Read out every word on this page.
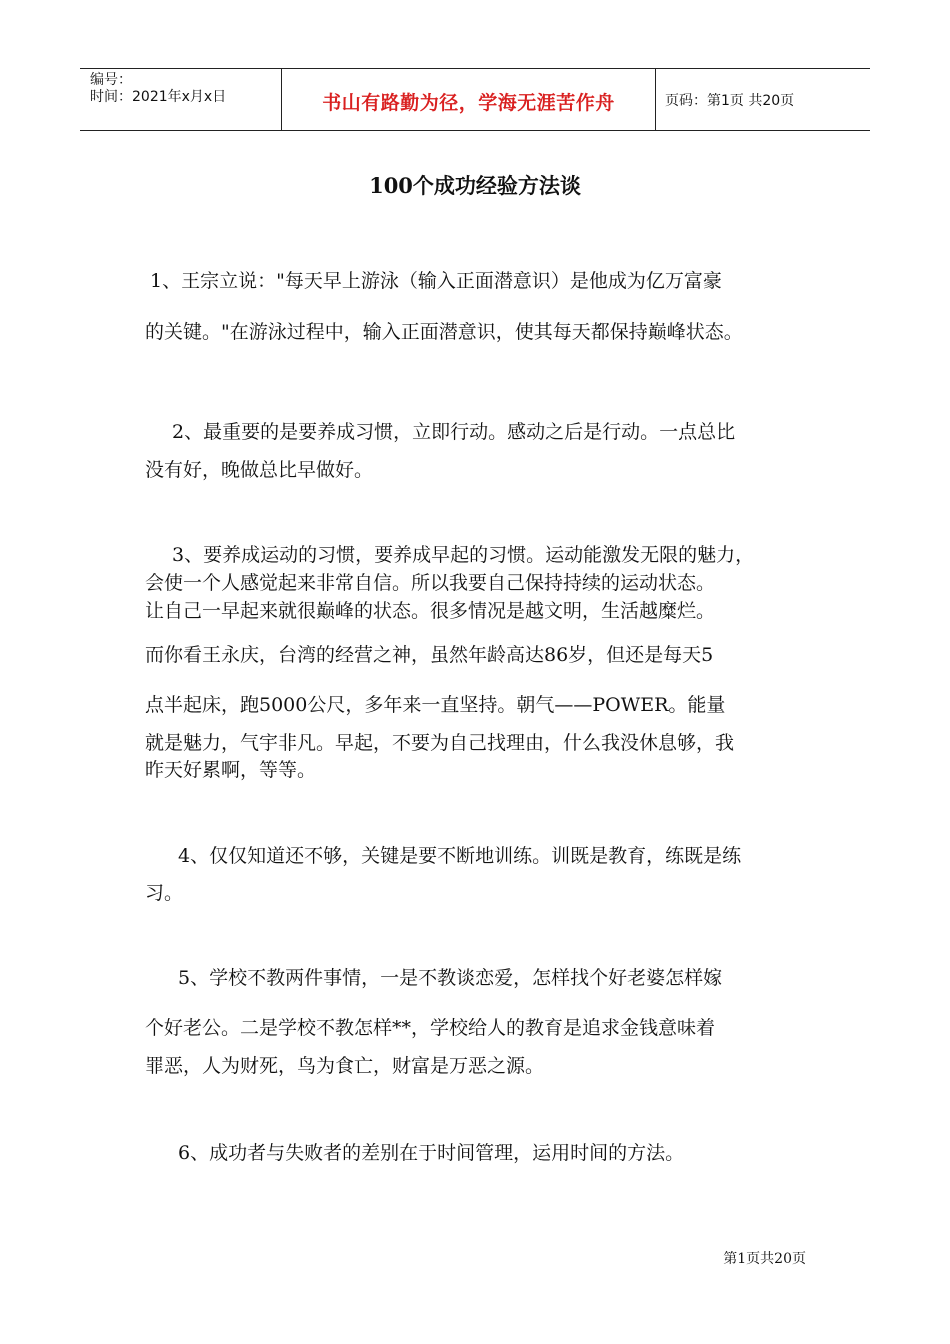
编号：
时间：2021年x月x日	书山有路勤为径，学海无涯苦作舟	页码：第1页 共20页
100个成功经验方法谈
1、王宗立说："每天早上游泳（输入正面潜意识）是他成为亿万富豪
的关键。"在游泳过程中，输入正面潜意识，使其每天都保持巅峰状态。
2、最重要的是要养成习惯，立即行动。感动之后是行动。一点总比
没有好，晚做总比早做好。
3、要养成运动的习惯，要养成早起的习惯。运动能激发无限的魅力，
会使一个人感觉起来非常自信。所以我要自己保持持续的运动状态。
让自己一早起来就很巅峰的状态。很多情况是越文明，生活越糜烂。
而你看王永庆，台湾的经营之神，虽然年龄高达86岁，但还是每天5
点半起床，跑5000公尺，多年来一直坚持。朝气——POWER。能量
就是魅力，气宇非凡。早起，不要为自己找理由，什么我没休息够，我
昨天好累啊，等等。
4、仅仅知道还不够，关键是要不断地训练。训既是教育，练既是练
习。
5、学校不教两件事情，一是不教谈恋爱，怎样找个好老婆怎样嫁
个好老公。二是学校不教怎样**，学校给人的教育是追求金钱意味着
罪恶，人为财死，鸟为食亡，财富是万恶之源。
6、成功者与失败者的差别在于时间管理，运用时间的方法。
第1页共20页
